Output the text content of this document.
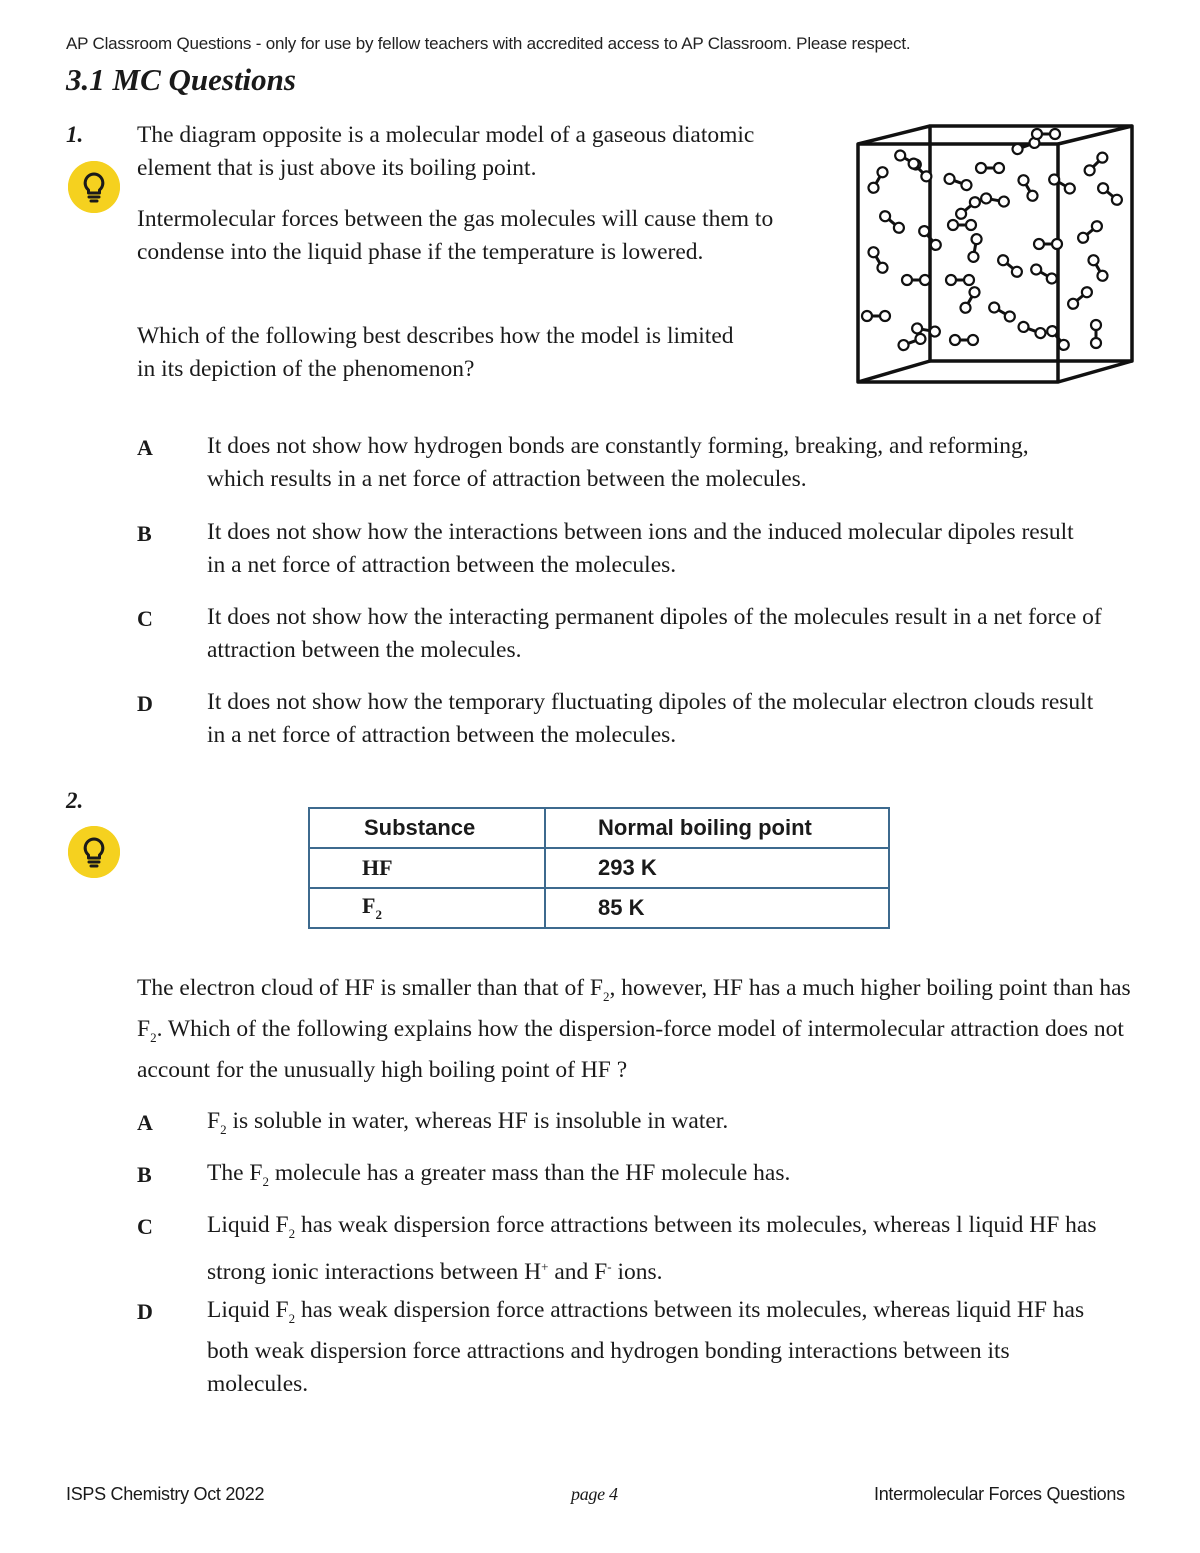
AP Classroom Questions - only for use by fellow teachers with accredited access to AP Classroom. Please respect.
3.1 MC Questions
1. The diagram opposite is a molecular model of a gaseous diatomic element that is just above its boiling point.
Intermolecular forces between the gas molecules will cause them to condense into the liquid phase if the temperature is lowered.
Which of the following best describes how the model is limited in its depiction of the phenomenon?
A It does not show how hydrogen bonds are constantly forming, breaking, and reforming, which results in a net force of attraction between the molecules.
B It does not show how the interactions between ions and the induced molecular dipoles result in a net force of attraction between the molecules.
C It does not show how the interacting permanent dipoles of the molecules result in a net force of attraction between the molecules.
D It does not show how the temporary fluctuating dipoles of the molecular electron clouds result in a net force of attraction between the molecules.
2.
Substance	Normal boiling point
HF	293 K
$F_2$	85 K
The electron cloud of HF is smaller than that of $F_2$, however, HF has a much higher boiling point than has $F_2$. Which of the following explains how the dispersion-force model of intermolecular attraction does not account for the unusually high boiling point of HF ?
A $F_2$ is soluble in water, whereas HF is insoluble in water.
B The $F_2$ molecule has a greater mass than the HF molecule has.
C Liquid $F_2$ has weak dispersion force attractions between its molecules, whereas l liquid HF has strong ionic interactions between H+ and F- ions.
D Liquid $F_2$ has weak dispersion force attractions between its molecules, whereas liquid HF has both weak dispersion force attractions and hydrogen bonding interactions between its molecules.
ISPS Chemistry Oct 2022	page 4	Intermolecular Forces Questions
